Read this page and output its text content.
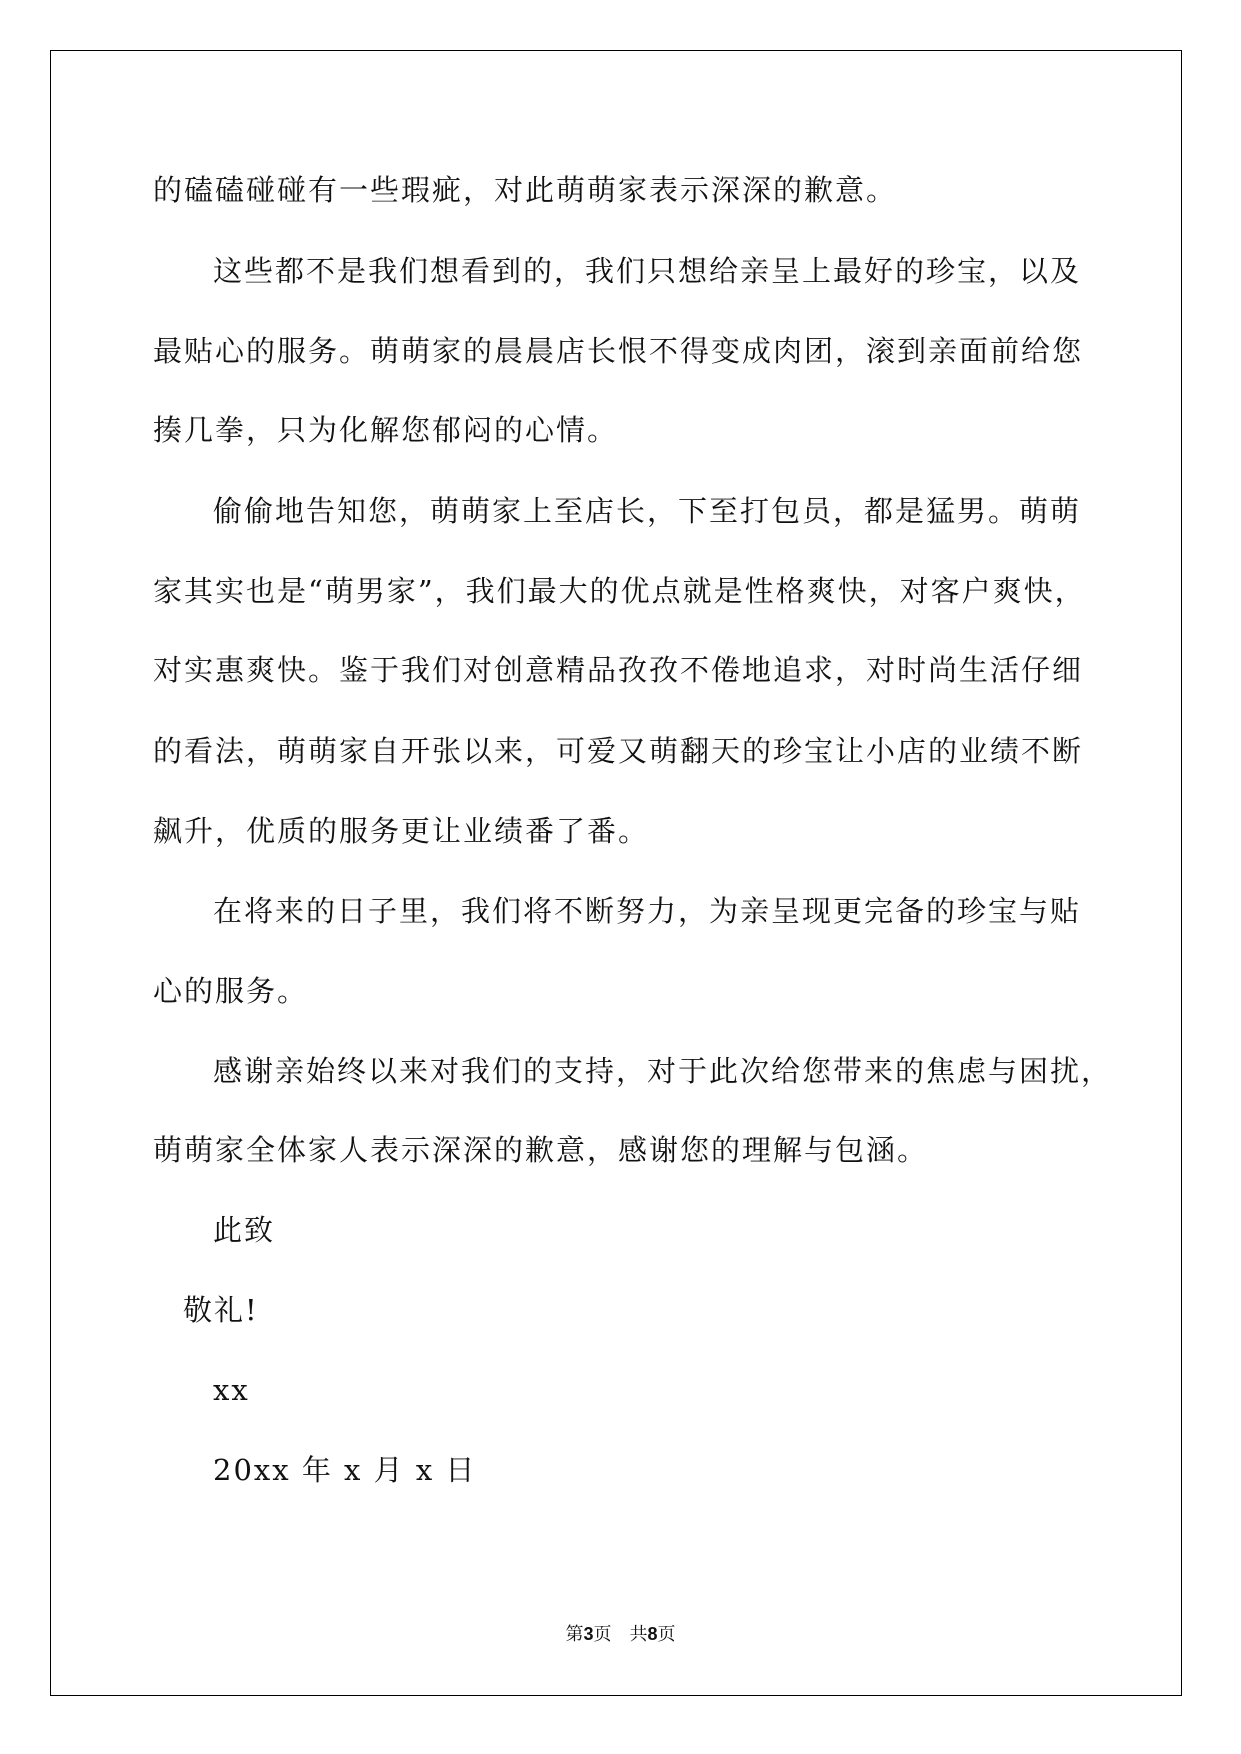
的磕磕碰碰有一些瑕疵，对此萌萌家表示深深的歉意。
这些都不是我们想看到的，我们只想给亲呈上最好的珍宝，以及
最贴心的服务。萌萌家的晨晨店长恨不得变成肉团，滚到亲面前给您
揍几拳，只为化解您郁闷的心情。
偷偷地告知您，萌萌家上至店长，下至打包员，都是猛男。萌萌
家其实也是“萌男家”，我们最大的优点就是性格爽快，对客户爽快，
对实惠爽快。鉴于我们对创意精品孜孜不倦地追求，对时尚生活仔细
的看法，萌萌家自开张以来，可爱又萌翻天的珍宝让小店的业绩不断
飙升，优质的服务更让业绩番了番。
在将来的日子里，我们将不断努力，为亲呈现更完备的珍宝与贴
心的服务。
感谢亲始终以来对我们的支持，对于此次给您带来的焦虑与困扰，
萌萌家全体家人表示深深的歉意，感谢您的理解与包涵。
此致
敬礼!
xx
20xx 年 x 月 x 日
第3页　共8页
